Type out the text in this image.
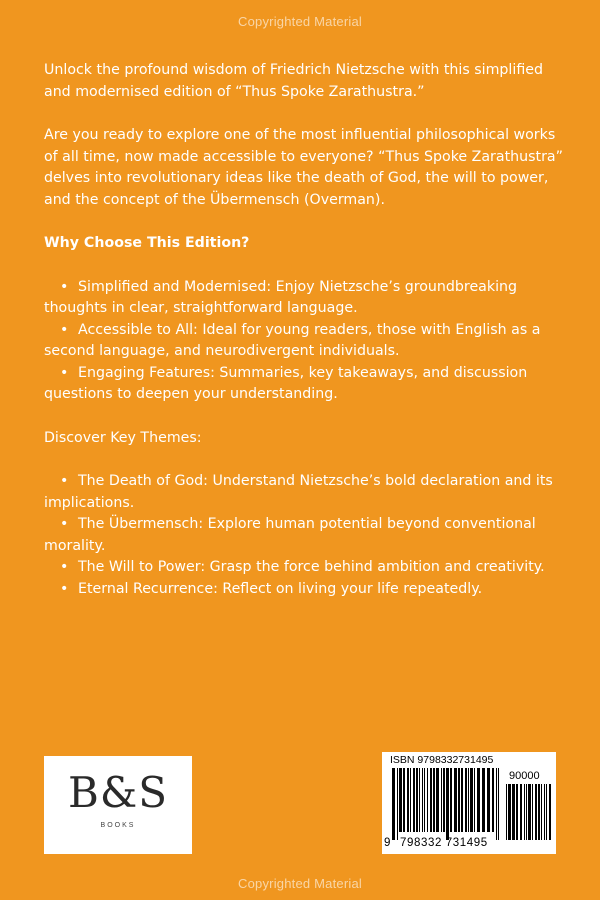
Copyrighted Material

Unlock the profound wisdom of Friedrich Nietzsche with this simplified and modernised edition of “Thus Spoke Zarathustra.”

Are you ready to explore one of the most influential philosophical works of all time, now made accessible to everyone? “Thus Spoke Zarathustra” delves into revolutionary ideas like the death of God, the will to power, and the concept of the Übermensch (Overman).

Why Choose This Edition?

• Simplified and Modernised: Enjoy Nietzsche’s groundbreaking thoughts in clear, straightforward language.
• Accessible to All: Ideal for young readers, those with English as a second language, and neurodivergent individuals.
• Engaging Features: Summaries, key takeaways, and discussion questions to deepen your understanding.

Discover Key Themes:

• The Death of God: Understand Nietzsche’s bold declaration and its implications.
• The Übermensch: Explore human potential beyond conventional morality.
• The Will to Power: Grasp the force behind ambition and creativity.
• Eternal Recurrence: Reflect on living your life repeatedly.
B&S
BOOKS
ISBN 9798332731495
90000
9 798332 731495
Copyrighted Material
